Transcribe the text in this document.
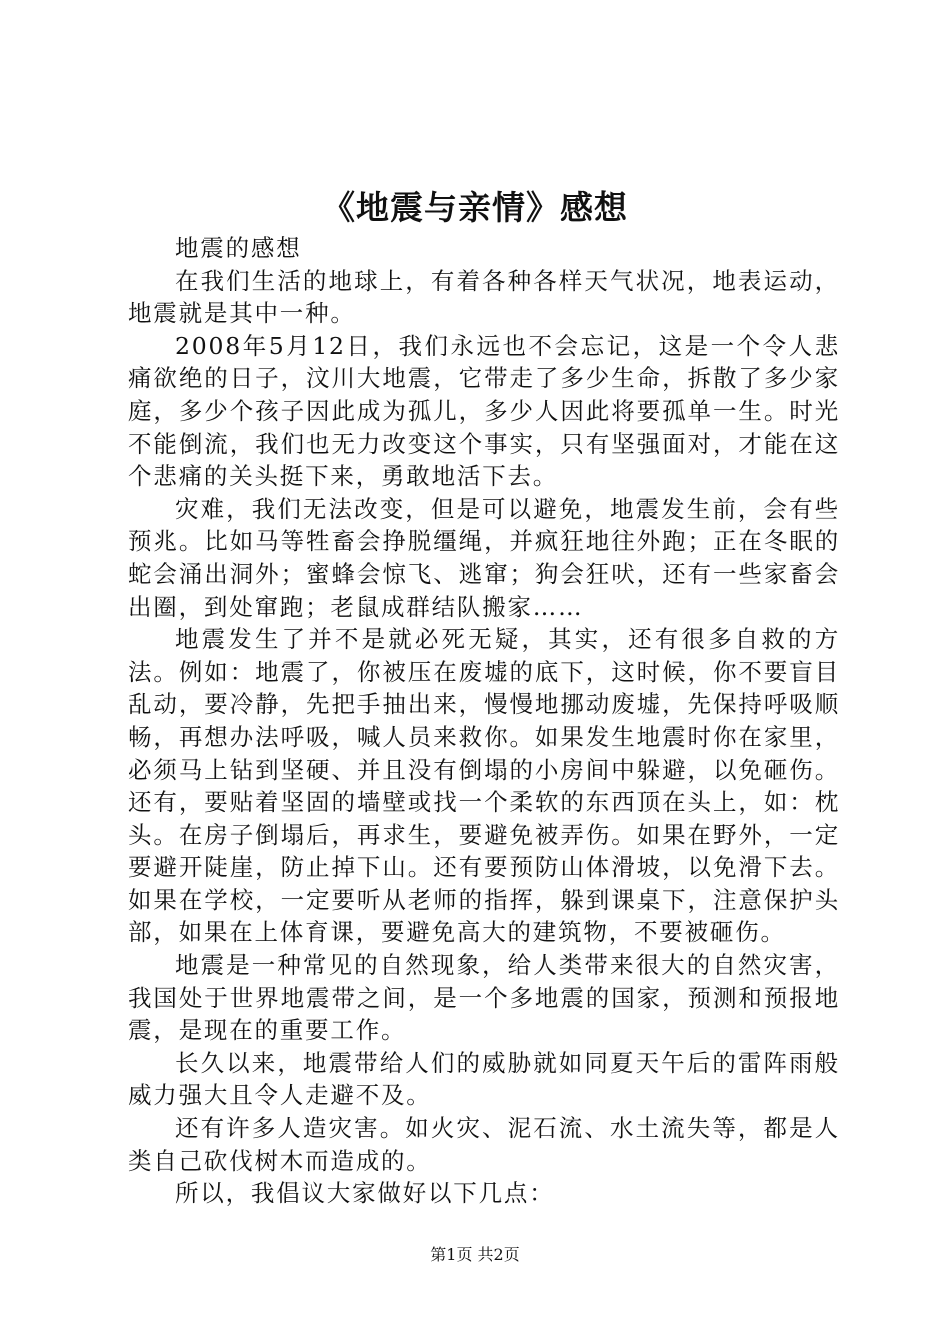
《地震与亲情》感想

地震的感想

在我们生活的地球上，有着各种各样天气状况，地表运动，地震就是其中一种。

2008年5月12日，我们永远也不会忘记，这是一个令人悲痛欲绝的日子，汶川大地震，它带走了多少生命，拆散了多少家庭，多少个孩子因此成为孤儿，多少人因此将要孤单一生。时光不能倒流，我们也无力改变这个事实，只有坚强面对，才能在这个悲痛的关头挺下来，勇敢地活下去。

灾难，我们无法改变，但是可以避免，地震发生前，会有些预兆。比如马等牲畜会挣脱缰绳，并疯狂地往外跑；正在冬眠的蛇会涌出洞外；蜜蜂会惊飞、逃窜；狗会狂吠，还有一些家畜会出圈，到处窜跑；老鼠成群结队搬家……

地震发生了并不是就必死无疑，其实，还有很多自救的方法。例如：地震了，你被压在废墟的底下，这时候，你不要盲目乱动，要冷静，先把手抽出来，慢慢地挪动废墟，先保持呼吸顺畅，再想办法呼吸，喊人员来救你。如果发生地震时你在家里，必须马上钻到坚硬、并且没有倒塌的小房间中躲避，以免砸伤。还有，要贴着坚固的墙壁或找一个柔软的东西顶在头上，如：枕头。在房子倒塌后，再求生，要避免被弄伤。如果在野外，一定要避开陡崖，防止掉下山。还有要预防山体滑坡，以免滑下去。如果在学校，一定要听从老师的指挥，躲到课桌下，注意保护头部，如果在上体育课，要避免高大的建筑物，不要被砸伤。

地震是一种常见的自然现象，给人类带来很大的自然灾害，我国处于世界地震带之间，是一个多地震的国家，预测和预报地震，是现在的重要工作。

长久以来，地震带给人们的威胁就如同夏天午后的雷阵雨般威力强大且令人走避不及。

还有许多人造灾害。如火灾、泥石流、水土流失等，都是人类自己砍伐树木而造成的。

所以，我倡议大家做好以下几点：

第1页 共2页
